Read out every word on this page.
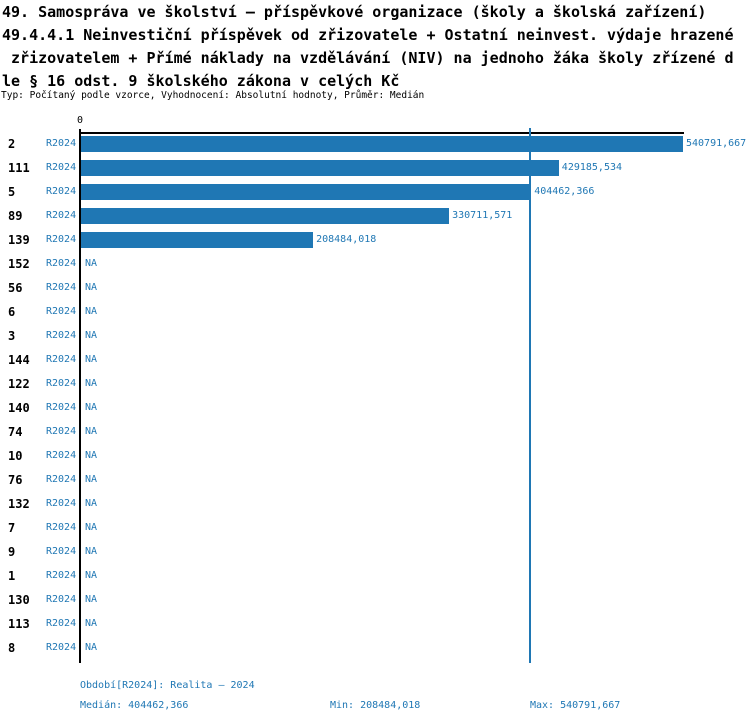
49. Samospráva ve školství – příspěvkové organizace (školy a školská zařízení)
49.4.4.1 Neinvestiční příspěvek od zřizovatele + Ostatní neinvest. výdaje hrazené
zřizovatelem + Přímé náklady na vzdělávání (NIV) na jednoho žáka školy zřízené d
le § 16 odst. 9 školského zákona v celých Kč
Typ: Počítaný podle vzorce, Vyhodnocení: Absolutní hodnoty, Průměr: Medián
0
2	R2024	540791,667
111 R2024	429185,534
5	R2024	404462,366
89 R2024	330711,571
139 R2024	208484,018
152 R2024 NA
56 R2024 NA
6	R2024 NA
3	R2024 NA
144 R2024 NA
122 R2024 NA
140 R2024 NA
74 R2024 NA
10 R2024 NA
76 R2024 NA
132 R2024 NA
7	R2024 NA
9	R2024 NA
1	R2024 NA
130 R2024 NA
113 R2024 NA
8	R2024 NA
Období[R2024]: Realita – 2024
Medián: 404462,366	Min: 208484,018	Max: 540791,667
